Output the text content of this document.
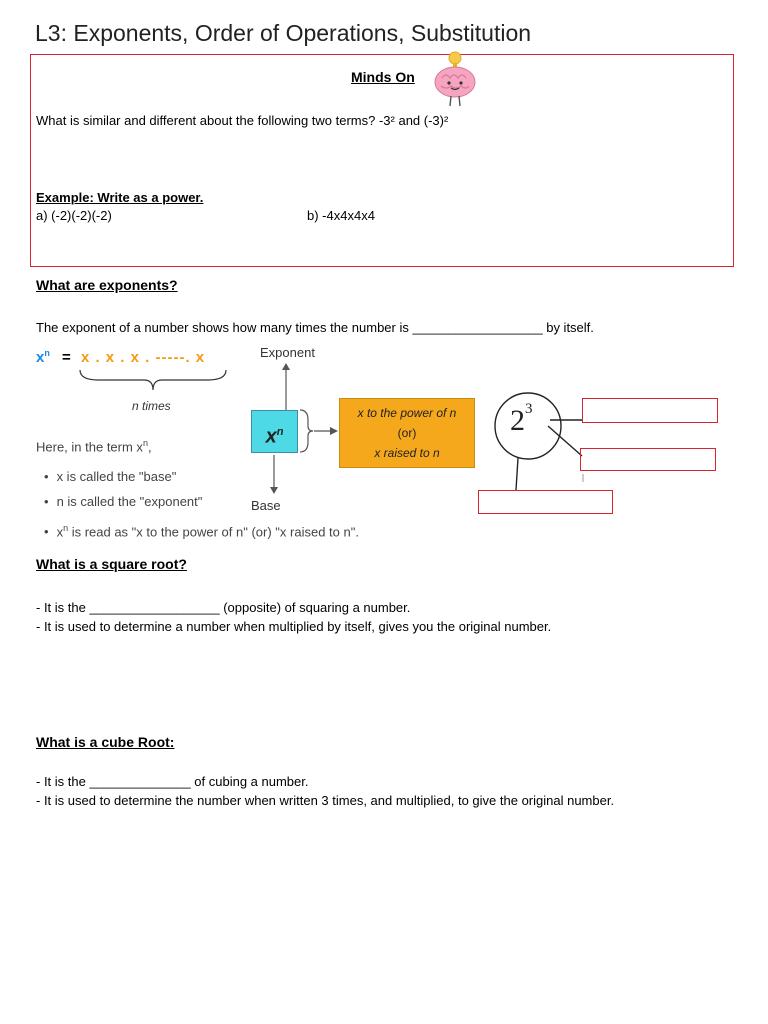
L3: Exponents, Order of Operations, Substitution
Minds On
What is similar and different about the following two terms? -3² and (-3)²
Example: Write as a power.
a) (-2)(-2)(-2)	b) -4x4x4x4
What are exponents?
The exponent of a number shows how many times the number is __________________ by itself.
$x^n = x$ . x . x . -----. x
n times
Here, in the term $x^n$,
• x is called the "base"
• n is called the "exponent"
• $x^n$ is read as "x to the power of n" (or) "x raised to n".
Exponent
$x^n$
x to the power of n
(or)
x raised to n
Base
$2^3$
What is a square root?
- It is the __________________ (opposite) of squaring a number.
- It is used to determine a number when multiplied by itself, gives you the original number.
What is a cube Root:
- It is the ______________ of cubing a number.
- It is used to determine the number when written 3 times, and multiplied, to give the original number.
